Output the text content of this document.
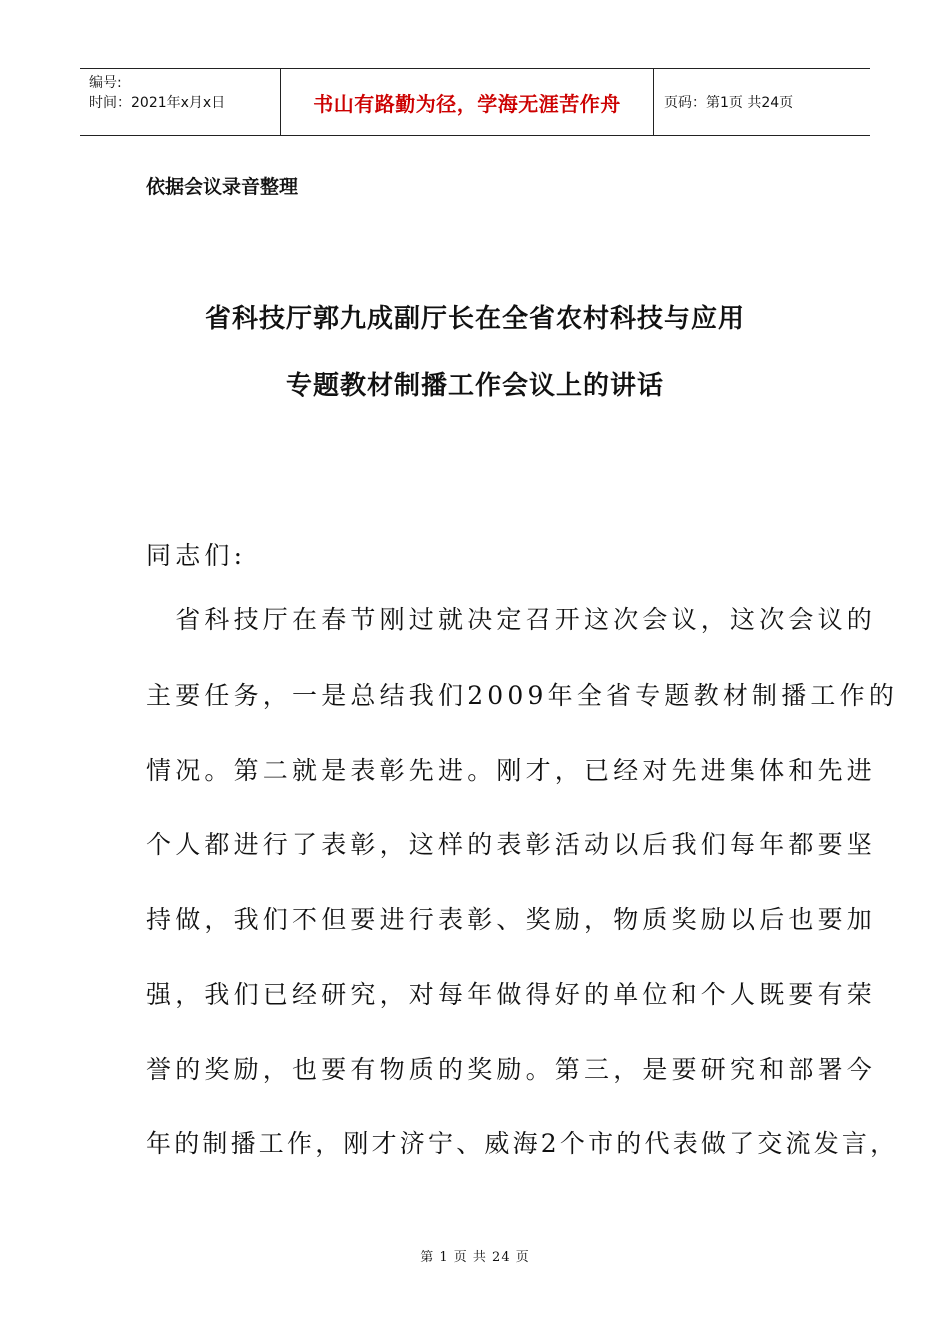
编号:
时间：2021年x月x日	书山有路勤为径，学海无涯苦作舟	页码：第1页 共24页
依据会议录音整理
省科技厅郭九成副厅长在全省农村科技与应用
专题教材制播工作会议上的讲话
同志们:
　省科技厅在春节刚过就决定召开这次会议，这次会议的
主要任务，一是总结我们2009年全省专题教材制播工作的
情况。第二就是表彰先进。刚才，已经对先进集体和先进
个人都进行了表彰，这样的表彰活动以后我们每年都要坚
持做，我们不但要进行表彰、奖励，物质奖励以后也要加
强，我们已经研究，对每年做得好的单位和个人既要有荣
誉的奖励，也要有物质的奖励。第三，是要研究和部署今
年的制播工作，刚才济宁、威海2个市的代表做了交流发言，
第 1 页 共 24 页
